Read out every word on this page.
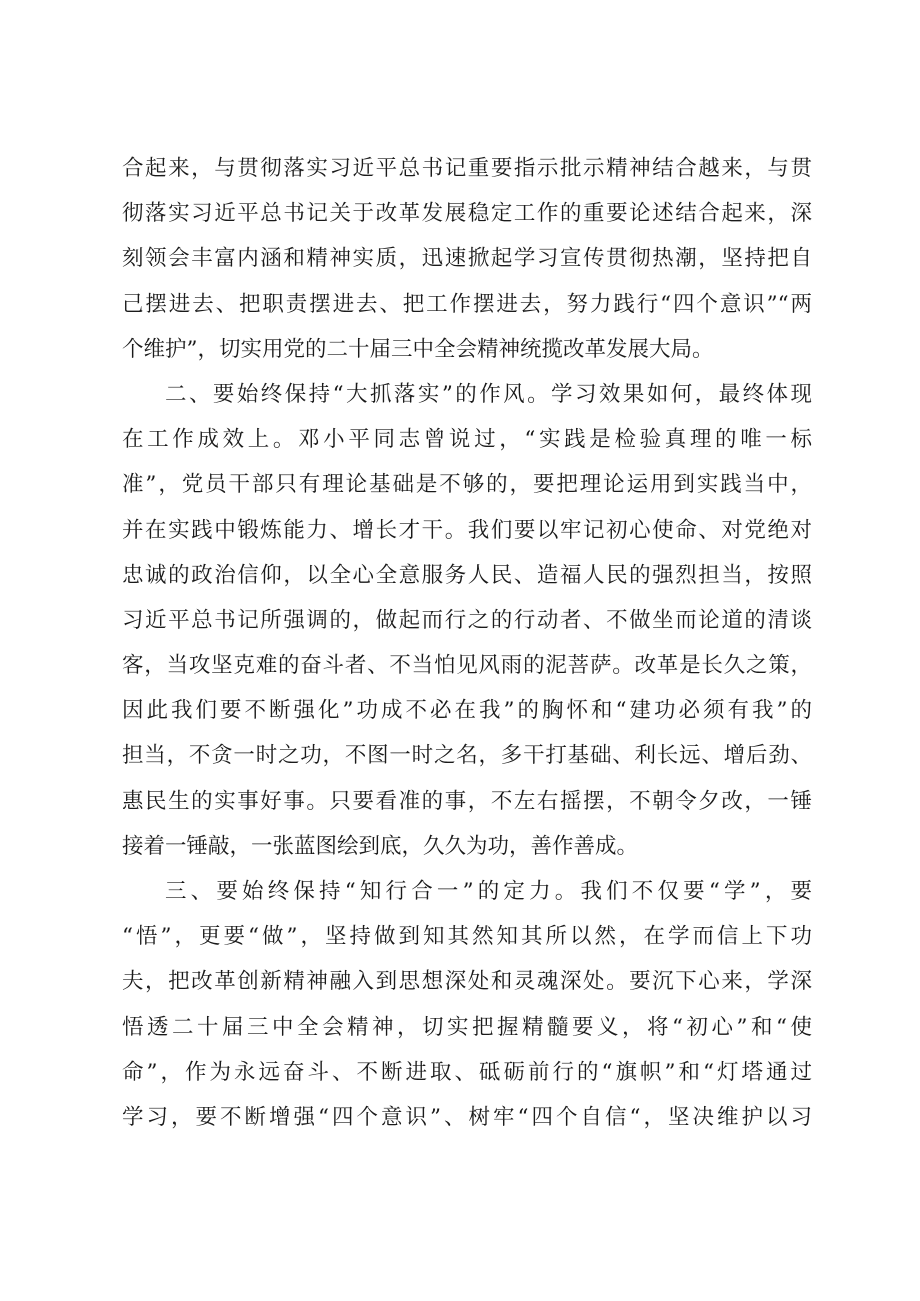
合起来，与贯彻落实习近平总书记重要指示批示精神结合越来，与贯
彻落实习近平总书记关于改革发展稳定工作的重要论述结合起来，深
刻领会丰富内涵和精神实质，迅速掀起学习宣传贯彻热潮，坚持把自
己摆进去、把职责摆进去、把工作摆进去，努力践行“四个意识”“两
个维护”，切实用党的二十届三中全会精神统揽改革发展大局。
二、要始终保持“大抓落实”的作风。学习效果如何，最终体现
在工作成效上。邓小平同志曾说过，“实践是检验真理的唯一标
准”，党员干部只有理论基础是不够的，要把理论运用到实践当中，
并在实践中锻炼能力、增长才干。我们要以牢记初心使命、对党绝对
忠诚的政治信仰，以全心全意服务人民、造福人民的强烈担当，按照
习近平总书记所强调的，做起而行之的行动者、不做坐而论道的清谈
客，当攻坚克难的奋斗者、不当怕见风雨的泥菩萨。改革是长久之策，
因此我们要不断强化”功成不必在我”的胸怀和“建功必须有我”的
担当，不贪一时之功，不图一时之名，多干打基础、利长远、增后劲、
惠民生的实事好事。只要看准的事，不左右摇摆，不朝令夕改，一锤
接着一锤敲，一张蓝图绘到底，久久为功，善作善成。
三、要始终保持“知行合一”的定力。我们不仅要“学”，要
“悟”，更要“做”，坚持做到知其然知其所以然，在学而信上下功
夫，把改革创新精神融入到思想深处和灵魂深处。要沉下心来，学深
悟透二十届三中全会精神，切实把握精髓要义，将“初心”和“使
命”，作为永远奋斗、不断进取、砥砺前行的“旗帜”和“灯塔通过
学习，要不断增强“四个意识”、树牢“四个自信“，坚决维护以习
